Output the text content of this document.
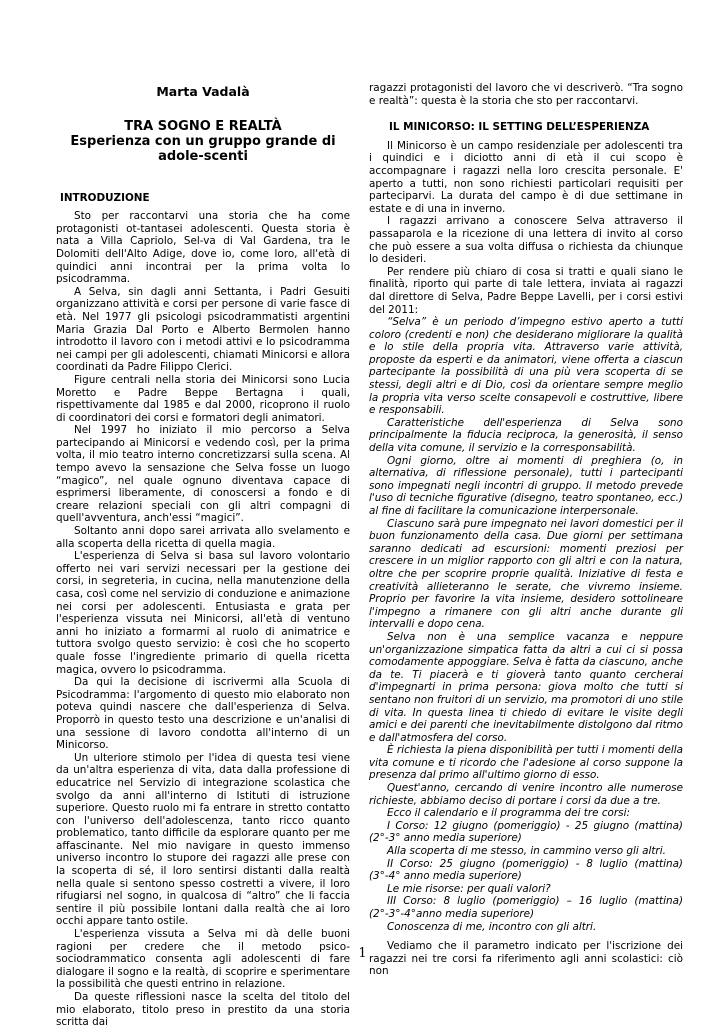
Marta Vadalà
TRA SOGNO E REALTÀ
Esperienza con un gruppo grande di adole-scenti
INTRODUZIONE

Sto per raccontarvi una storia che ha come protagonisti ot-tantasei adolescenti. Questa storia è nata a Villa Capriolo, Sel-va di Val Gardena, tra le Dolomiti dell'Alto Adige, dove io, come loro, all'età di quindici anni incontrai per la prima volta lo psicodramma.

A Selva, sin dagli anni Settanta, i Padri Gesuiti organizzano attività e corsi per persone di varie fasce di età. Nel 1977 gli psicologi psicodrammatisti argentini Maria Grazia Dal Porto e Alberto Bermolen hanno introdotto il lavoro con i metodi attivi e lo psicodramma nei campi per gli adolescenti, chiamati Minicorsi e allora coordinati da Padre Filippo Clerici.

Figure centrali nella storia dei Minicorsi sono Lucia Moretto e Padre Beppe Bertagna i quali, rispettivamente dal 1985 e dal 2000, ricoprono il ruolo di coordinatori dei corsi e formatori degli animatori.

Nel 1997 ho iniziato il mio percorso a Selva partecipando ai Minicorsi e vedendo così, per la prima volta, il mio teatro interno concretizzarsi sulla scena. Al tempo avevo la sensazione che Selva fosse un luogo “magico”, nel quale ognuno diventava capace di esprimersi liberamente, di conoscersi a fondo e di creare relazioni speciali con gli altri compagni di quell'avventura, anch'essi “magici”.

Soltanto anni dopo sarei arrivata allo svelamento e alla scoperta della ricetta di quella magia.

L'esperienza di Selva si basa sul lavoro volontario offerto nei vari servizi necessari per la gestione dei corsi, in segreteria, in cucina, nella manutenzione della casa, così come nel servizio di conduzione e animazione nei corsi per adolescenti. Entusiasta e grata per l'esperienza vissuta nei Minicorsi, all'età di ventuno anni ho iniziato a formarmi al ruolo di animatrice e tuttora svolgo questo servizio: è così che ho scoperto quale fosse l'ingrediente primario di quella ricetta magica, ovvero lo psicodramma.

Da qui la decisione di iscrivermi alla Scuola di Psicodramma: l'argomento di questo mio elaborato non poteva quindi nascere che dall'esperienza di Selva. Proporrò in questo testo una descrizione e un'analisi di una sessione di lavoro condotta all'interno di un Minicorso.

Un ulteriore stimolo per l'idea di questa tesi viene da un'altra esperienza di vita, data dalla professione di educatrice nel Servizio di integrazione scolastica che svolgo da anni all'interno di Istituti di istruzione superiore. Questo ruolo mi fa entrare in stretto contatto con l'universo dell'adolescenza, tanto ricco quanto problematico, tanto difficile da esplorare quanto per me affascinante. Nel mio navigare in questo immenso universo incontro lo stupore dei ragazzi alle prese con la scoperta di sé, il loro sentirsi distanti dalla realtà nella quale si sentono spesso costretti a vivere, il loro rifugiarsi nel sogno, in qualcosa di “altro” che li faccia sentire il più possibile lontani dalla realtà che ai loro occhi appare tanto ostile.

L'esperienza vissuta a Selva mi dà delle buoni ragioni per credere che il metodo psico-sociodrammatico consenta agli adolescenti di fare dialogare il sogno e la realtà, di scoprire e sperimentare la possibilità che questi entrino in relazione.

Da queste riflessioni nasce la scelta del titolo del mio elaborato, titolo preso in prestito da una storia scritta dai

ragazzi protagonisti del lavoro che vi descriverò. “Tra sogno e realtà”: questa è la storia che sto per raccontarvi.

IL MINICORSO: IL SETTING DELL’ESPERIENZA

Il Minicorso è un campo residenziale per adolescenti tra i quindici e i diciotto anni di età il cui scopo è accompagnare i ragazzi nella loro crescita personale. E' aperto a tutti, non sono richiesti particolari requisiti per parteciparvi. La durata del campo è di due settimane in estate e di una in inverno.

I ragazzi arrivano a conoscere Selva attraverso il passaparola e la ricezione di una lettera di invito al corso che può essere a sua volta diffusa o richiesta da chiunque lo desideri.

Per rendere più chiaro di cosa si tratti e quali siano le finalità, riporto qui parte di tale lettera, inviata ai ragazzi dal direttore di Selva, Padre Beppe Lavelli, per i corsi estivi del 2011:

“Selva” è un periodo d’impegno estivo aperto a tutti coloro (credenti e non) che desiderano migliorare la qualità e lo stile della propria vita. Attraverso varie attività, proposte da esperti e da animatori, viene offerta a ciascun partecipante la possibilità di una più vera scoperta di se stessi, degli altri e di Dio, così da orientare sempre meglio la propria vita verso scelte consapevoli e costruttive, libere e responsabili.

Caratteristiche dell'esperienza di Selva sono principalmente la fiducia reciproca, la generosità, il senso della vita comune, il servizio e la corresponsabilità.

Ogni giorno, oltre ai momenti di preghiera (o, in alternativa, di riflessione personale), tutti i partecipanti sono impegnati negli incontri di gruppo. Il metodo prevede l'uso di tecniche figurative (disegno, teatro spontaneo, ecc.) al fine di facilitare la comunicazione interpersonale.

Ciascuno sarà pure impegnato nei lavori domestici per il buon funzionamento della casa. Due giorni per settimana saranno dedicati ad escursioni: momenti preziosi per crescere in un miglior rapporto con gli altri e con la natura, oltre che per scoprire proprie qualità. Iniziative di festa e creatività allieteranno le serate, che vivremo insieme. Proprio per favorire la vita insieme, desidero sottolineare l'impegno a rimanere con gli altri anche durante gli intervalli e dopo cena.

Selva non è una semplice vacanza e neppure un'organizzazione simpatica fatta da altri a cui ci si possa comodamente appoggiare. Selva è fatta da ciascuno, anche da te. Ti piacerà e ti gioverà tanto quanto cercherai d'impegnarti in prima persona: giova molto che tutti si sentano non fruitori di un servizio, ma promotori di uno stile di vita. In questa linea ti chiedo di evitare le visite degli amici e dei parenti che inevitabilmente distolgono dal ritmo e dall'atmosfera del corso.

È richiesta la piena disponibilità per tutti i momenti della vita comune e ti ricordo che l'adesione al corso suppone la presenza dal primo all'ultimo giorno di esso.

Quest'anno, cercando di venire incontro alle numerose richieste, abbiamo deciso di portare i corsi da due a tre.

Ecco il calendario e il programma dei tre corsi:

I Corso: 12 giugno (pomeriggio) - 25 giugno (mattina) (2°-3° anno media superiore)

Alla scoperta di me stesso, in cammino verso gli altri.

II Corso: 25 giugno (pomeriggio) - 8 luglio (mattina) (3°-4° anno media superiore)

Le mie risorse: per quali valori?

III Corso: 8 luglio (pomeriggio) – 16 luglio (mattina) (2°-3°-4°anno media superiore)

Conoscenza di me, incontro con gli altri.

Vediamo che il parametro indicato per l'iscrizione dei ragazzi nei tre corsi fa riferimento agli anni scolastici: ciò non

1
